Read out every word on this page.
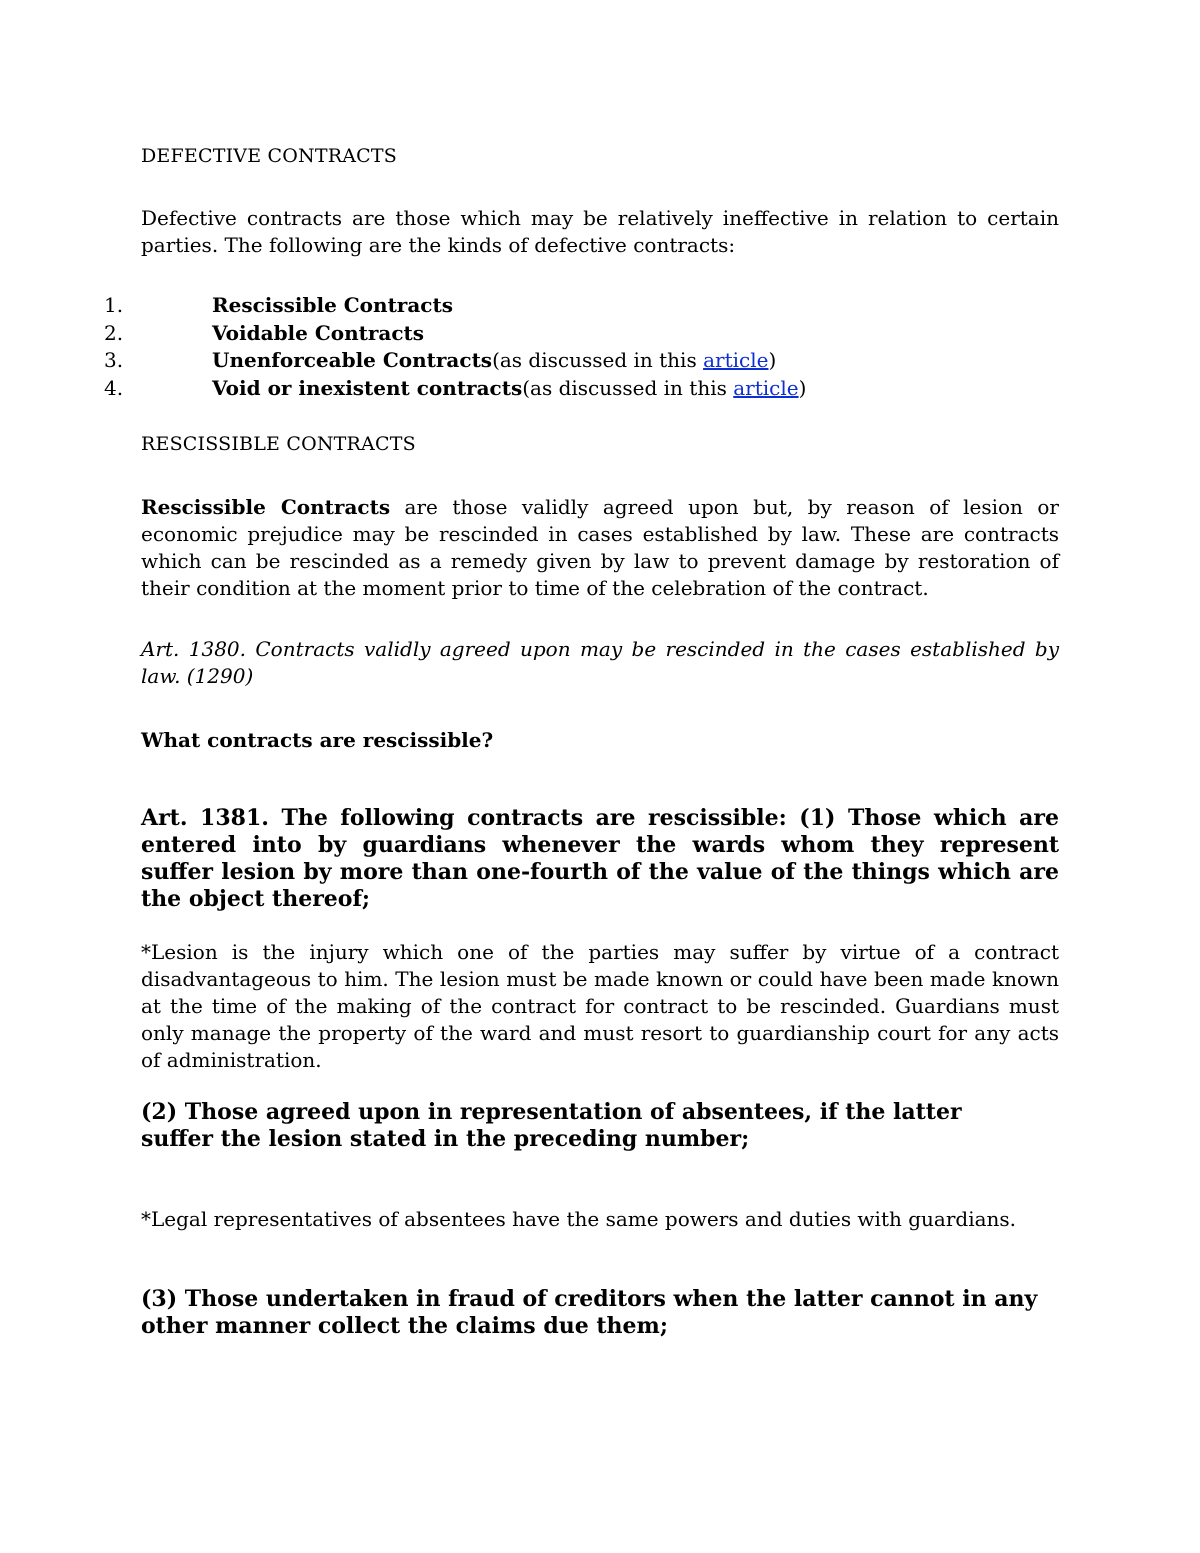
DEFECTIVE CONTRACTS
Defective contracts are those which may be relatively ineffective in relation to certain parties. The following are the kinds of defective contracts:
1.	Rescissible Contracts
2.	Voidable Contracts
3.	Unenforceable Contracts(as discussed in this article)
4.	Void or inexistent contracts(as discussed in this article)
RESCISSIBLE CONTRACTS
Rescissible Contracts are those validly agreed upon but, by reason of lesion or economic prejudice may be rescinded in cases established by law. These are contracts which can be rescinded as a remedy given by law to prevent damage by restoration of their condition at the moment prior to time of the celebration of the contract.
Art. 1380. Contracts validly agreed upon may be rescinded in the cases established by law. (1290)
What contracts are rescissible?
Art. 1381. The following contracts are rescissible: (1) Those which are entered into by guardians whenever the wards whom they represent suffer lesion by more than one-fourth of the value of the things which are the object thereof;
*Lesion is the injury which one of the parties may suffer by virtue of a contract disadvantageous to him. The lesion must be made known or could have been made known at the time of the making of the contract for contract to be rescinded. Guardians must only manage the property of the ward and must resort to guardianship court for any acts of administration.
(2) Those agreed upon in representation of absentees, if the latter suffer the lesion stated in the preceding number;
*Legal representatives of absentees have the same powers and duties with guardians.
(3) Those undertaken in fraud of creditors when the latter cannot in any other manner collect the claims due them;
